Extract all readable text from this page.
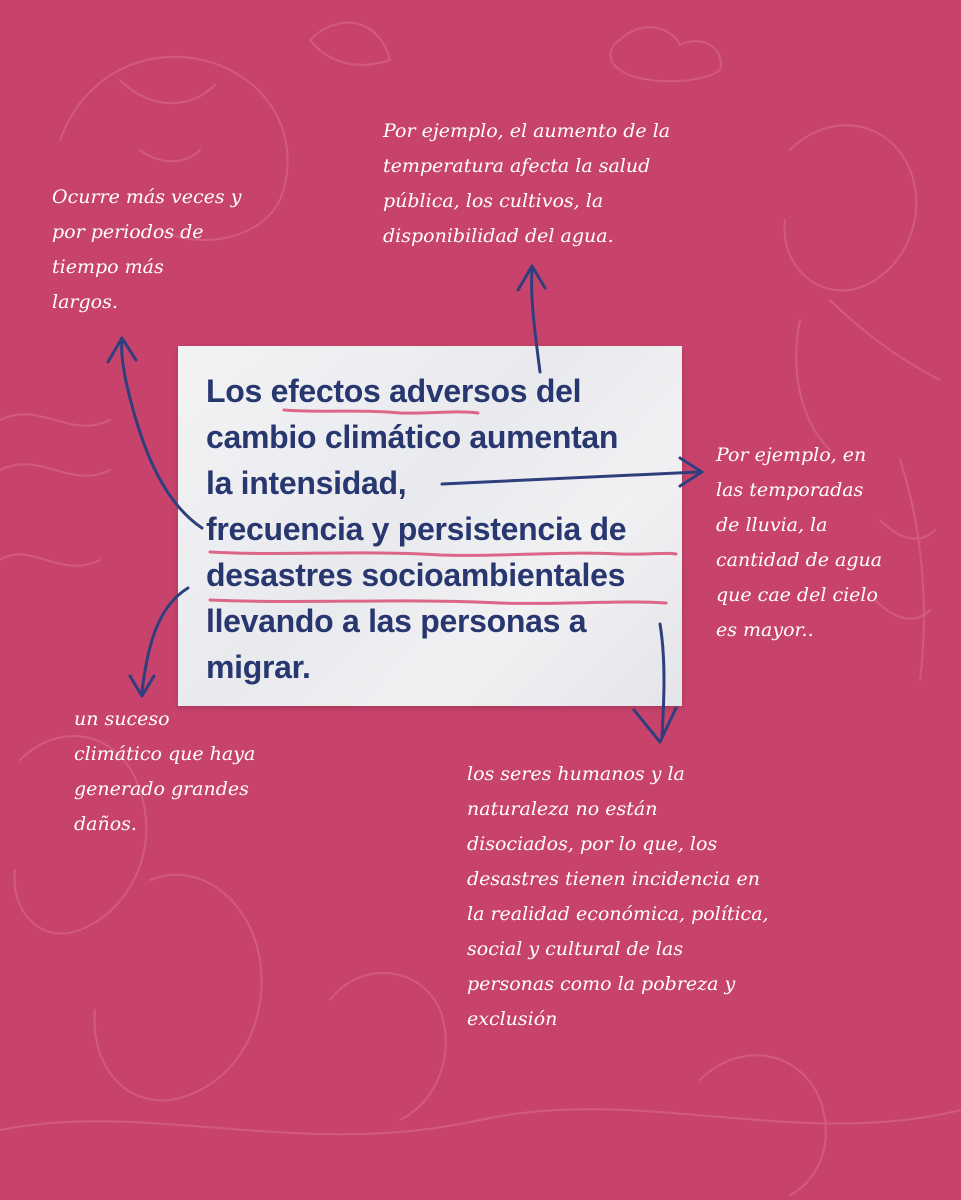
Los efectos adversos del
cambio climático aumentan
la intensidad,
frecuencia y persistencia de
desastres socioambientales
llevando a las personas a
migrar.
Ocurre más veces y
por periodos de
tiempo más
largos.
Por ejemplo, el aumento de la
temperatura afecta la salud
pública, los cultivos, la
disponibilidad del agua.
Por ejemplo, en
las temporadas
de lluvia, la
cantidad de agua
que cae del cielo
es mayor..
un suceso
climático que haya
generado grandes
daños.
los seres humanos y la
naturaleza no están
disociados, por lo que, los
desastres tienen incidencia en
la realidad económica, política,
social y cultural de las
personas como la pobreza y
exclusión
